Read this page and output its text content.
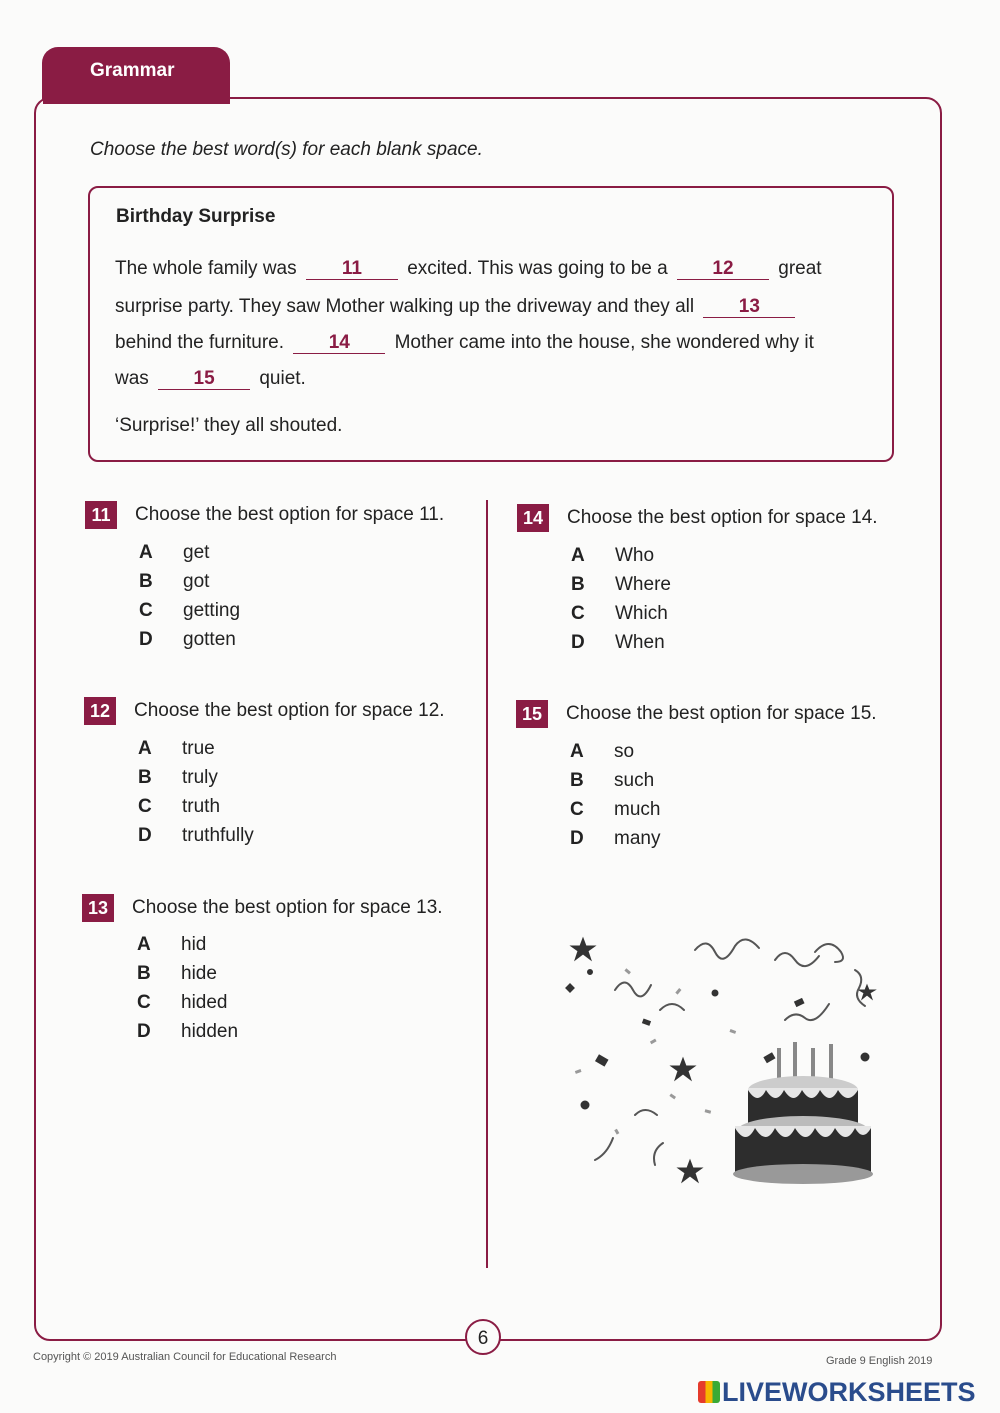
Grammar
Choose the best word(s) for each blank space.
Birthday Surprise
The whole family was 11 excited. This was going to be a 12 great
surprise party. They saw Mother walking up the driveway and they all 13
behind the furniture. 14 Mother came into the house, she wondered why it
was 15 quiet.
‘Surprise!’ they all shouted.
11	Choose the best option for space 11.
A get
B got
C getting
D gotten
12	Choose the best option for space 12.
A true
B truly
C truth
D truthfully
13	Choose the best option for space 13.
A hid
B hide
C hided
D hidden
14	Choose the best option for space 14.
A Who
B Where
C Which
D When
15	Choose the best option for space 15.
A so
B such
C much
D many
6
Copyright © 2019 Australian Council for Educational Research	Grade 9 English 2019
LIVEWORKSHEETS
